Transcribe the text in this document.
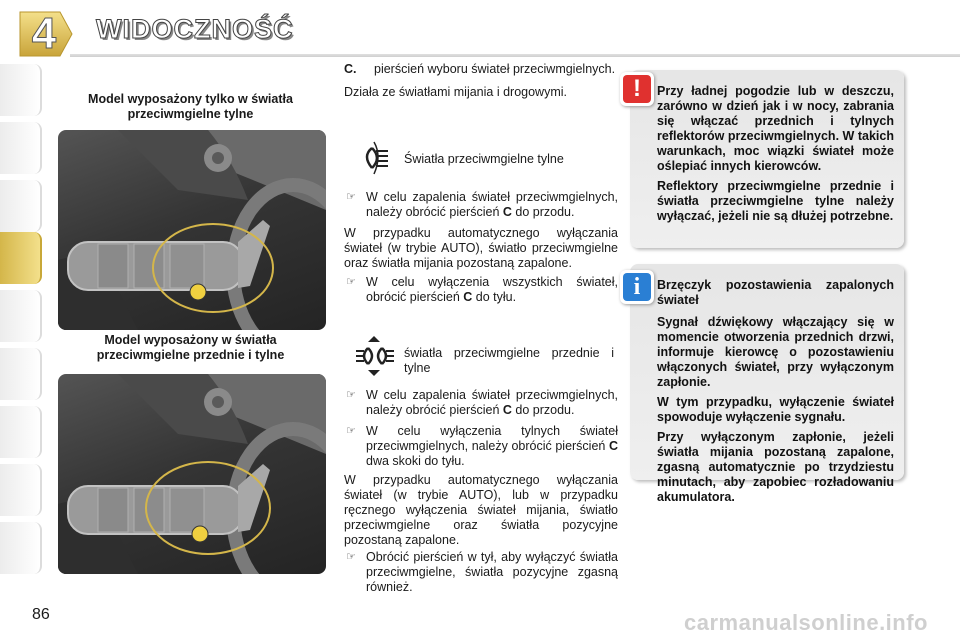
4	WIDOCZNOŚĆ
Model wyposażony tylko w światła przeciwmgielne tylne
Model wyposażony w światła przeciwmgielne przednie i tylne
C. pierścień wyboru świateł przeciwmgielnych.

Działa ze światłami mijania i drogowymi.

Światła przeciwmgielne tylne
☞ W celu zapalenia świateł przeciwmgielnych, należy obrócić pierścień C do przodu.

W przypadku automatycznego wyłączania świateł (w trybie AUTO), światło przeciwmgielne oraz światła mijania pozostaną zapalone.

☞ W celu wyłączenia wszystkich świateł, obrócić pierścień C do tyłu.
światła przeciwmgielne przednie i tylne
☞ W celu zapalenia świateł przeciwmgielnych, należy obrócić pierścień C do przodu.
☞ W celu wyłączenia tylnych świateł przeciwmgielnych, należy obrócić pierścień C dwa skoki do tyłu.

W przypadku automatycznego wyłączania świateł (w trybie AUTO), lub w przypadku ręcznego wyłączenia świateł mijania, światło przeciwmgielne oraz światła pozycyjne pozostaną zapalone.

☞ Obrócić pierścień w tył, aby wyłączyć światła przeciwmgielne, światła pozycyjne zgasną również.

Przy ładnej pogodzie lub w deszczu, zarówno w dzień jak i w nocy, zabrania się włączać przednich i tylnych reflektorów przeciwmgielnych. W takich warunkach, moc wiązki świateł może oślepiać innych kierowców.

Reflektory przeciwmgielne przednie i światła przeciwmgielne tylne należy wyłączać, jeżeli nie są dłużej potrzebne.

!

Brzęczyk pozostawienia zapalonych świateł

Sygnał dźwiękowy włączający się w momencie otworzenia przednich drzwi, informuje kierowcę o pozostawieniu włączonych świateł, przy wyłączonym zapłonie.

W tym przypadku, wyłączenie świateł spowoduje wyłączenie sygnału.

Przy wyłączonym zapłonie, jeżeli światła mijania pozostaną zapalone, zgasną automatycznie po trzydziestu minutach, aby zapobiec rozładowaniu akumulatora.

i
86	carmanualsonline.info
